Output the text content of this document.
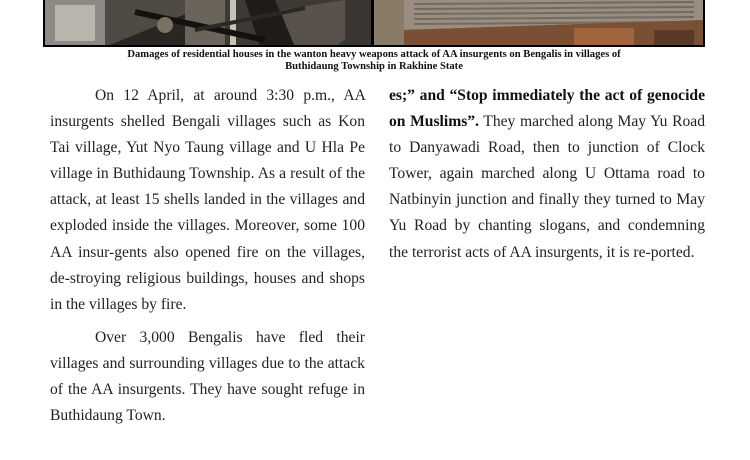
Damages of residential houses in the wanton heavy weapons attack of AA insurgents on Bengalis in villages of
Buthidaung Township in Rakhine State

On 12 April, at around 3:30 p.m., AA insurgents shelled Bengali villages such as Kon Tai village, Yut Nyo Taung village and U Hla Pe village in Buthidaung Township. As a result of the attack, at least 15 shells landed in the villages and exploded inside the villages. Moreover, some 100 AA insur-gents also opened fire on the villages, de-stroying religious buildings, houses and shops in the villages by fire.

Over 3,000 Bengalis have fled their villages and surrounding villages due to the attack of the AA insurgents. They have sought refuge in Buthidaung Town.

es;” and “Stop immediately the act of genocide on Muslims”. They marched along May Yu Road to Danyawadi Road, then to junction of Clock Tower, again marched along U Ottama road to Natbinyin junction and finally they turned to May Yu Road by chanting slogans, and condemning the terrorist acts of AA insurgents, it is re-ported.
